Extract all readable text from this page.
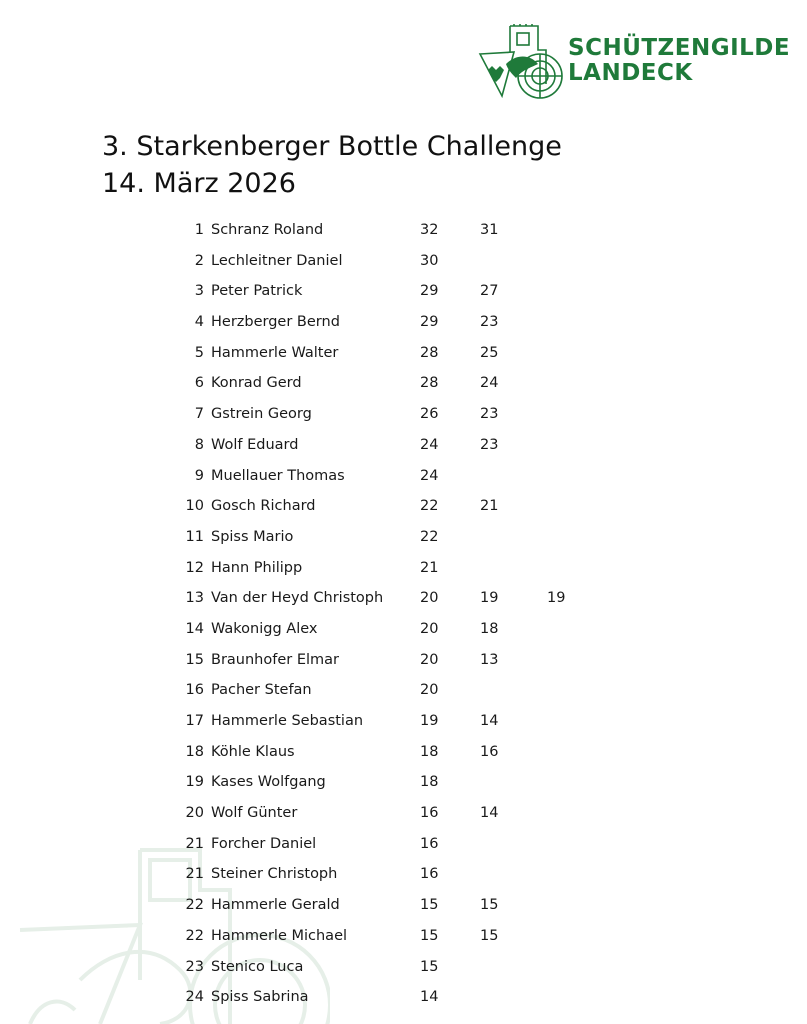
SCHÜTZENGILDE
LANDECK
3. Starkenberger Bottle Challenge
14. März 2026
1 Schranz Roland	32	31
2 Lechleitner Daniel	30
3 Peter Patrick	29	27
4 Herzberger Bernd	29	23
5 Hammerle Walter	28	25
6 Konrad Gerd	28	24
7 Gstrein Georg	26	23
8 Wolf Eduard	24	23
9 Muellauer Thomas	24
10 Gosch Richard	22	21
11 Spiss Mario	22
12 Hann Philipp	21
13 Van der Heyd Christoph	20	19	19
14 Wakonigg Alex	20	18
15 Braunhofer Elmar	20	13
16 Pacher Stefan	20
17 Hammerle Sebastian	19	14
18 Köhle Klaus	18	16
19 Kases Wolfgang	18
20 Wolf Günter	16	14
21 Forcher Daniel	16
21 Steiner Christoph	16
22 Hammerle Gerald	15	15
22 Hammerle Michael	15	15
23 Stenico Luca	15
24 Spiss Sabrina	14
